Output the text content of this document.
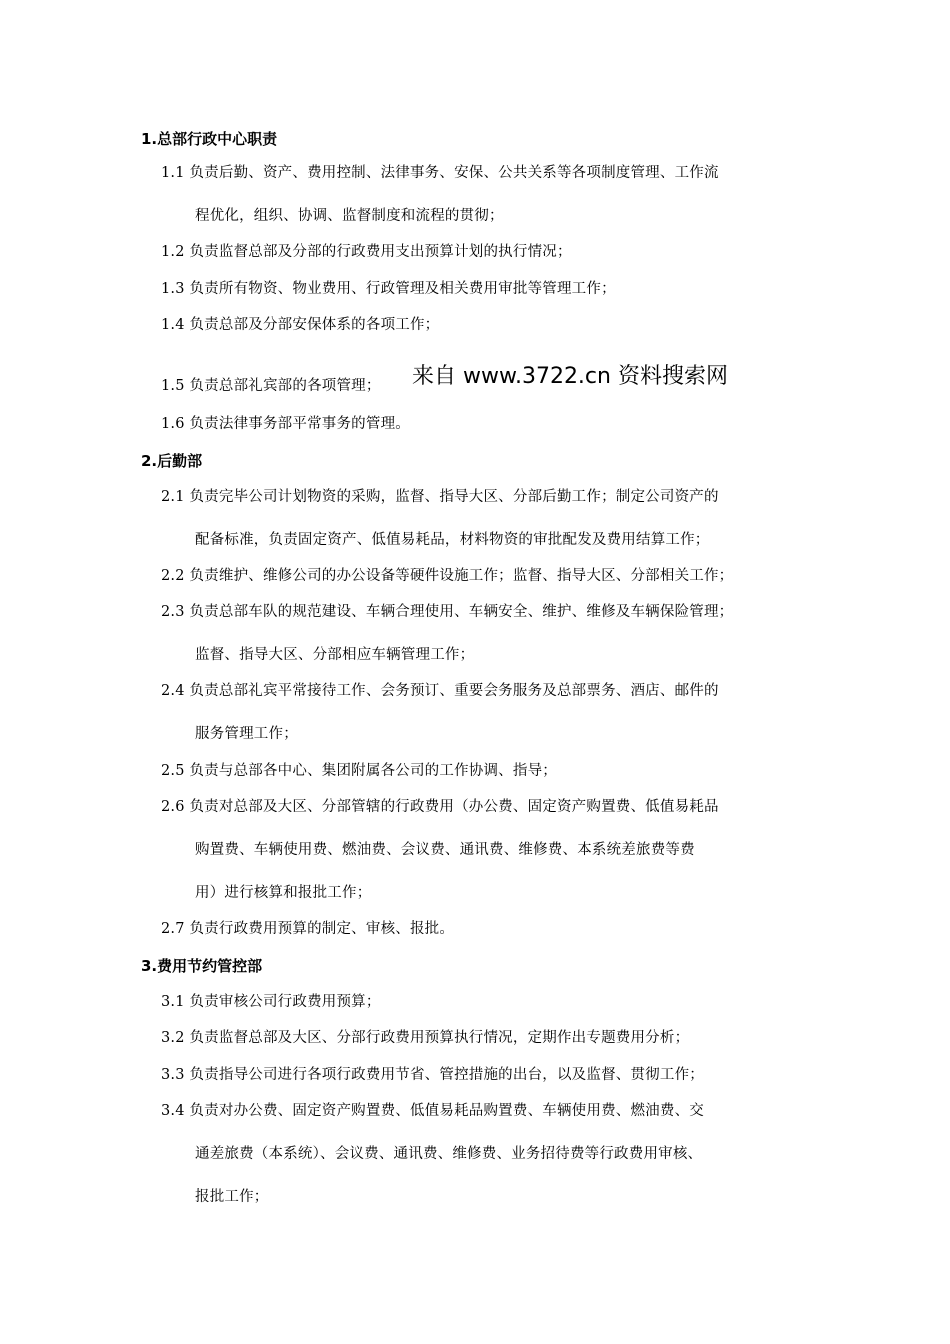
1.总部行政中心职责
1.1 负责后勤、资产、费用控制、法律事务、安保、公共关系等各项制度管理、工作流
程优化，组织、协调、监督制度和流程的贯彻；
1.2 负责监督总部及分部的行政费用支出预算计划的执行情况；
1.3 负责所有物资、物业费用、行政管理及相关费用审批等管理工作；
1.4 负责总部及分部安保体系的各项工作；
1.5 负责总部礼宾部的各项管理； 来自 www.3722.cn 资料搜索网
1.6 负责法律事务部平常事务的管理。
2.后勤部
2.1 负责完毕公司计划物资的采购，监督、指导大区、分部后勤工作；制定公司资产的
配备标准，负责固定资产、低值易耗品，材料物资的审批配发及费用结算工作；
2.2 负责维护、维修公司的办公设备等硬件设施工作；监督、指导大区、分部相关工作；
2.3 负责总部车队的规范建设、车辆合理使用、车辆安全、维护、维修及车辆保险管理；
监督、指导大区、分部相应车辆管理工作；
2.4 负责总部礼宾平常接待工作、会务预订、重要会务服务及总部票务、酒店、邮件的
服务管理工作；
2.5 负责与总部各中心、集团附属各公司的工作协调、指导；
2.6 负责对总部及大区、分部管辖的行政费用（办公费、固定资产购置费、低值易耗品
购置费、车辆使用费、燃油费、会议费、通讯费、维修费、本系统差旅费等费
用）进行核算和报批工作；
2.7 负责行政费用预算的制定、审核、报批。
3.费用节约管控部
3.1 负责审核公司行政费用预算；
3.2 负责监督总部及大区、分部行政费用预算执行情况，定期作出专题费用分析；
3.3 负责指导公司进行各项行政费用节省、管控措施的出台，以及监督、贯彻工作；
3.4 负责对办公费、固定资产购置费、低值易耗品购置费、车辆使用费、燃油费、交
通差旅费（本系统）、会议费、通讯费、维修费、业务招待费等行政费用审核、
报批工作；
